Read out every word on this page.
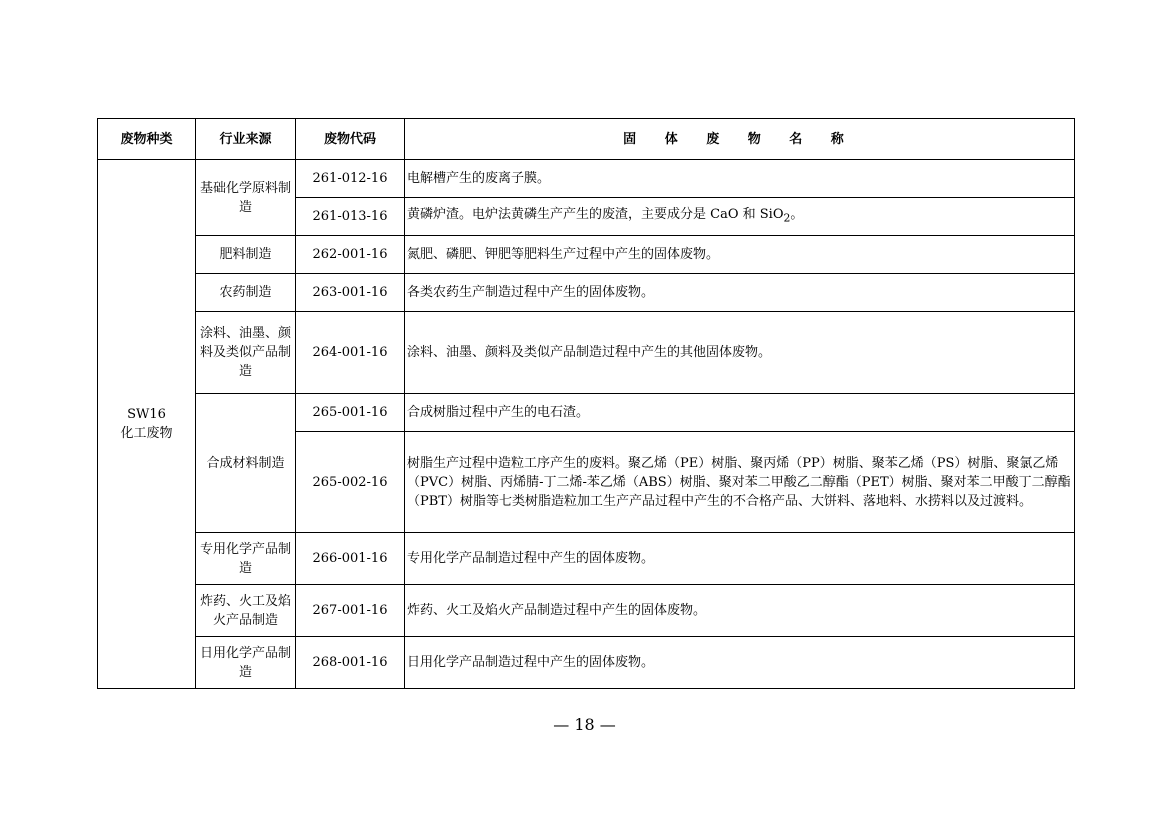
废物种类	行业来源	废物代码	固 体 废 物 名 称
SW16
化工废物	基础化学原料制造	261-012-16	电解槽产生的废离子膜。
		261-013-16	黄磷炉渣。电炉法黄磷生产产生的废渣，主要成分是 CaO 和 SiO$_2$。
	肥料制造	262-001-16	氮肥、磷肥、钾肥等肥料生产过程中产生的固体废物。
	农药制造	263-001-16	各类农药生产制造过程中产生的固体废物。
	涂料、油墨、颜料及类似产品制造	264-001-16	涂料、油墨、颜料及类似产品制造过程中产生的其他固体废物。
	合成材料制造	265-001-16	合成树脂过程中产生的电石渣。
		265-002-16	树脂生产过程中造粒工序产生的废料。聚乙烯（PE）树脂、聚丙烯（PP）树脂、聚苯乙烯（PS）树脂、聚氯乙烯（PVC）树脂、丙烯腈-丁二烯-苯乙烯（ABS）树脂、聚对苯二甲酸乙二醇酯（PET）树脂、聚对苯二甲酸丁二醇酯（PBT）树脂等七类树脂造粒加工生产产品过程中产生的不合格产品、大饼料、落地料、水捞料以及过渡料。
	专用化学产品制造	266-001-16	专用化学产品制造过程中产生的固体废物。
	炸药、火工及焰火产品制造	267-001-16	炸药、火工及焰火产品制造过程中产生的固体废物。
	日用化学产品制造	268-001-16	日用化学产品制造过程中产生的固体废物。
— 18 —
